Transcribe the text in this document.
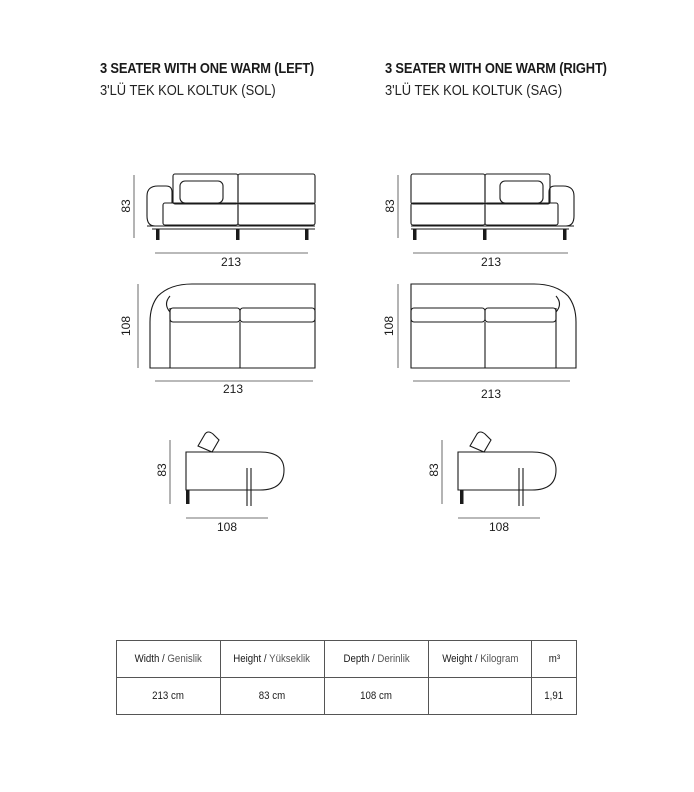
3 SEATER WITH ONE WARM (LEFT)
3'LÜ TEK KOL KOLTUK (SOL)
3 SEATER WITH ONE WARM (RIGHT)
3'LÜ TEK KOL KOLTUK (SAG)
83
213
108
213
83
108
83
213
108
213
83
108
Width / Genislik	Height / Yükseklik	Depth / Derinlik	Weight / Kilogram	m³
213 cm	83 cm	108 cm		1,91
